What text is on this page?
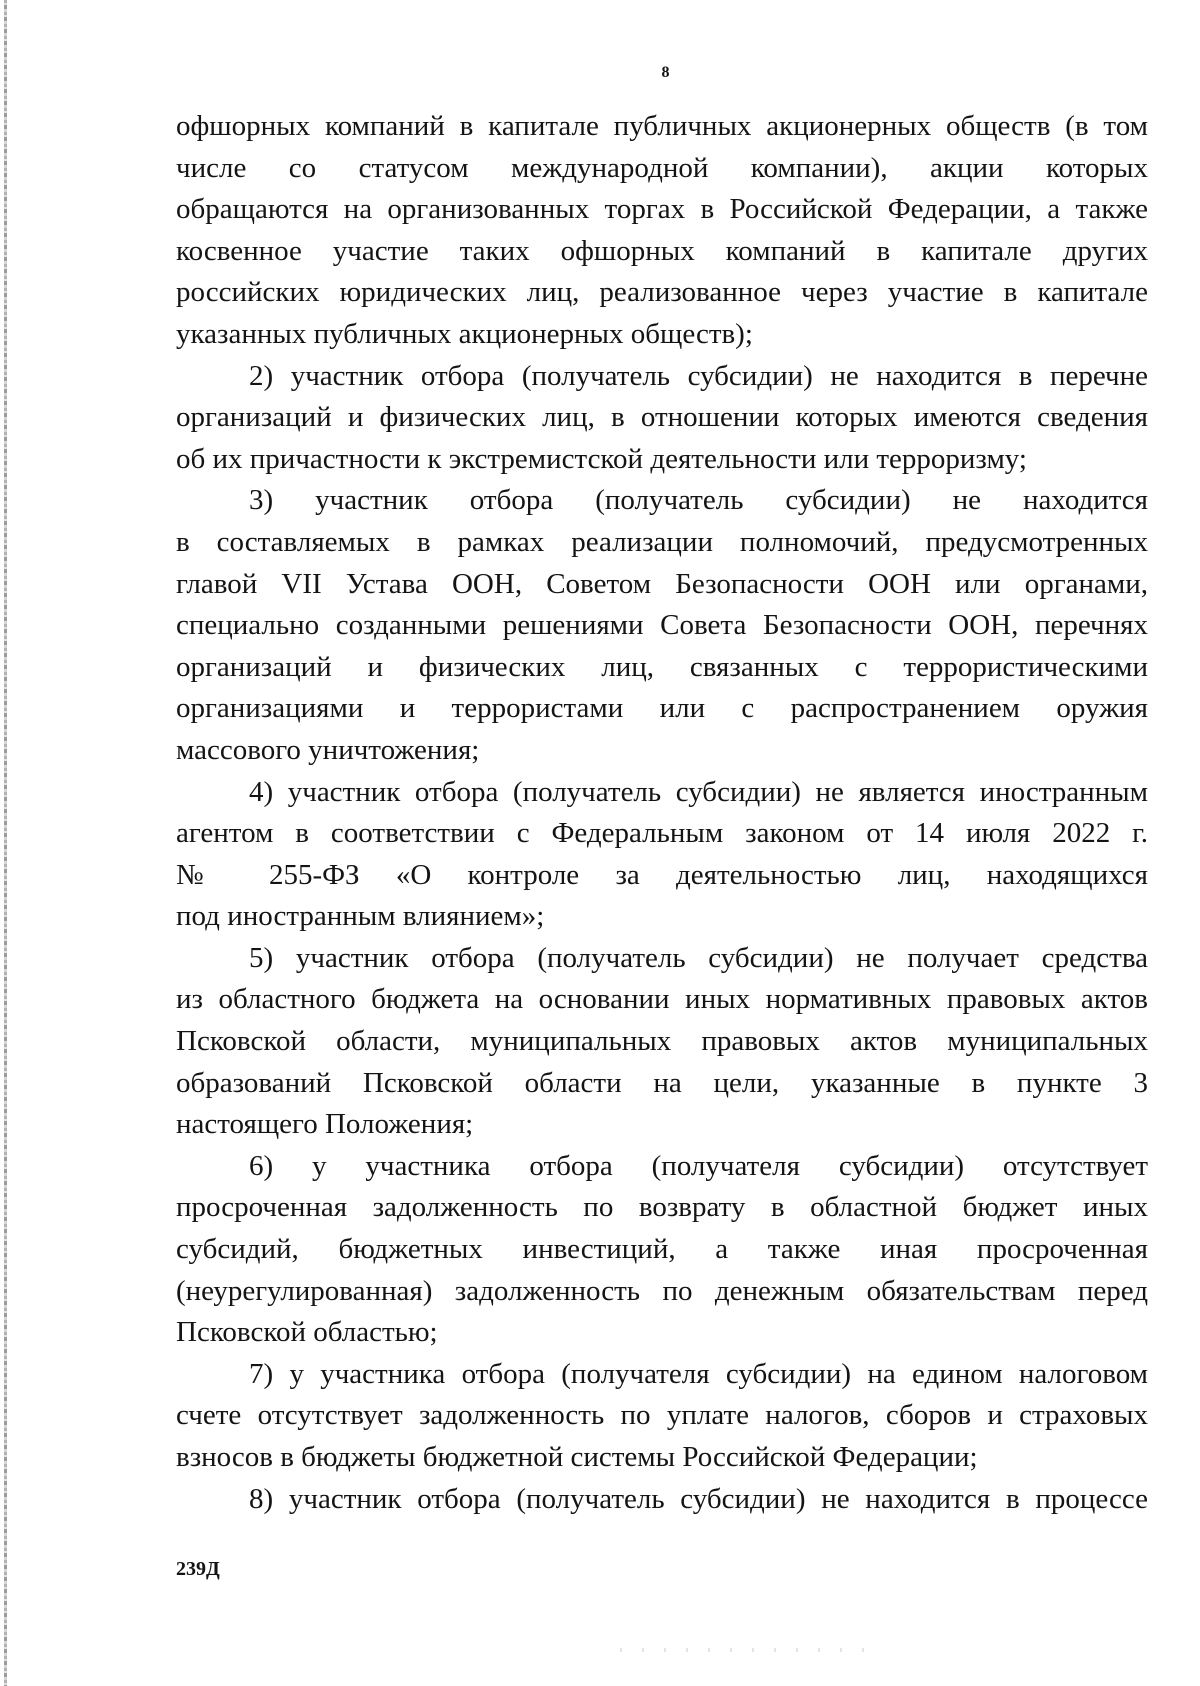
8
офшорных компаний в капитале публичных акционерных обществ (в том
числе со статусом международной компании), акции которых
обращаются на организованных торгах в Российской Федерации, а также
косвенное участие таких офшорных компаний в капитале других
российских юридических лиц, реализованное через участие в капитале
указанных публичных акционерных обществ);
2) участник отбора (получатель субсидии) не находится в перечне
организаций и физических лиц, в отношении которых имеются сведения
об их причастности к экстремистской деятельности или терроризму;
3) участник отбора (получатель субсидии) не находится
в составляемых в рамках реализации полномочий, предусмотренных
главой VII Устава ООН, Советом Безопасности ООН или органами,
специально созданными решениями Совета Безопасности ООН, перечнях
организаций и физических лиц, связанных с террористическими
организациями и террористами или с распространением оружия
массового уничтожения;
4) участник отбора (получатель субсидии) не является иностранным
агентом в соответствии с Федеральным законом от 14 июля 2022 г.
№ 255-ФЗ «О контроле за деятельностью лиц, находящихся
под иностранным влиянием»;
5) участник отбора (получатель субсидии) не получает средства
из областного бюджета на основании иных нормативных правовых актов
Псковской области, муниципальных правовых актов муниципальных
образований Псковской области на цели, указанные в пункте 3
настоящего Положения;
6) у участника отбора (получателя субсидии) отсутствует
просроченная задолженность по возврату в областной бюджет иных
субсидий, бюджетных инвестиций, а также иная просроченная
(неурегулированная) задолженность по денежным обязательствам перед
Псковской областью;
7) у участника отбора (получателя субсидии) на едином налоговом
счете отсутствует задолженность по уплате налогов, сборов и страховых
взносов в бюджеты бюджетной системы Российской Федерации;
8) участник отбора (получатель субсидии) не находится в процессе
239Д
